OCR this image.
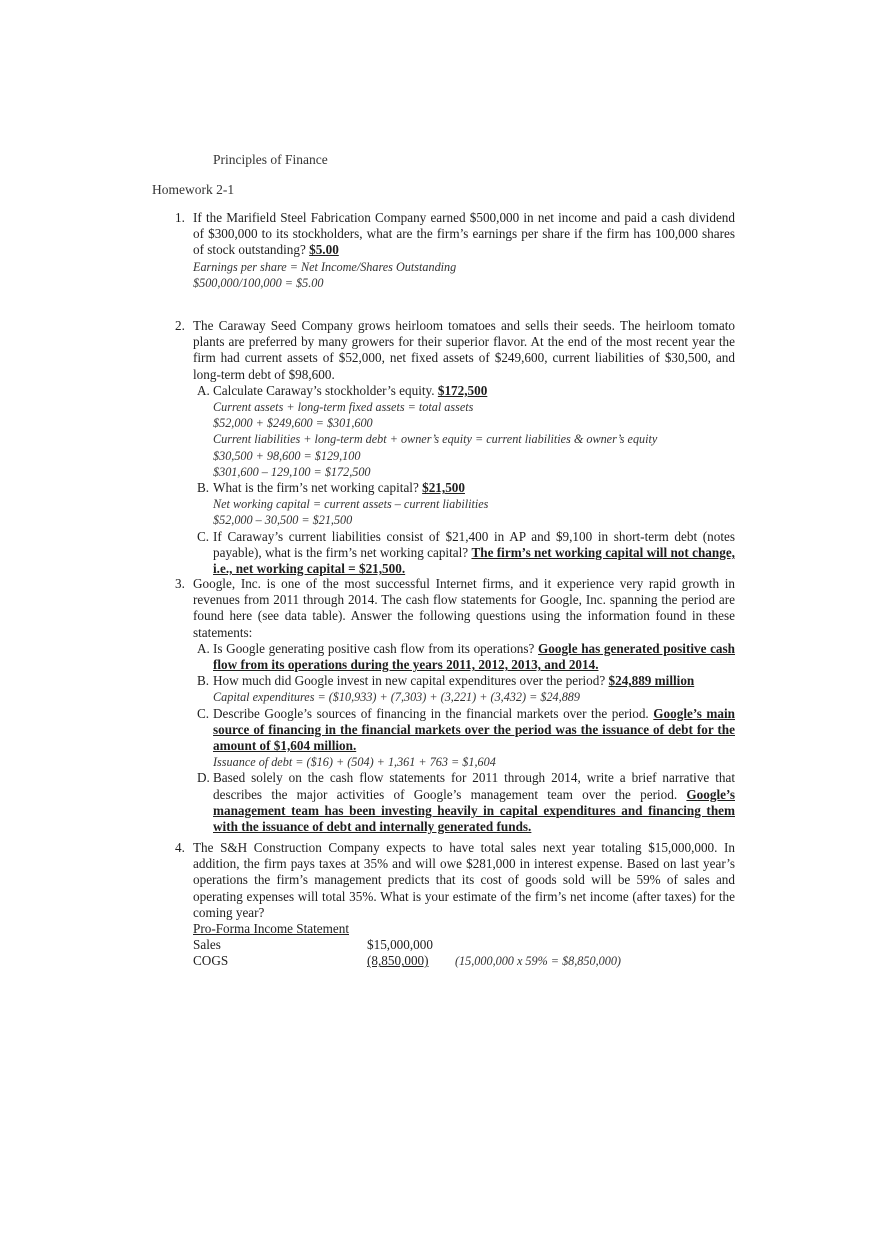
Principles of Finance
Homework 2-1
1. If the Marifield Steel Fabrication Company earned $500,000 in net income and paid a cash dividend of $300,000 to its stockholders, what are the firm’s earnings per share if the firm has 100,000 shares of stock outstanding? $5.00
Earnings per share = Net Income/Shares Outstanding
$500,000/100,000 = $5.00
2. The Caraway Seed Company grows heirloom tomatoes and sells their seeds. The heirloom tomato plants are preferred by many growers for their superior flavor. At the end of the most recent year the firm had current assets of $52,000, net fixed assets of $249,600, current liabilities of $30,500, and long-term debt of $98,600.
A. Calculate Caraway’s stockholder’s equity. $172,500
Current assets + long-term fixed assets = total assets
$52,000 + $249,600 = $301,600
Current liabilities + long-term debt + owner’s equity = current liabilities & owner’s equity
$30,500 + 98,600 = $129,100
$301,600 – 129,100 = $172,500
B. What is the firm’s net working capital? $21,500
Net working capital = current assets – current liabilities
$52,000 – 30,500 = $21,500
C. If Caraway’s current liabilities consist of $21,400 in AP and $9,100 in short-term debt (notes payable), what is the firm’s net working capital? The firm’s net working capital will not change, i.e., net working capital = $21,500.
3. Google, Inc. is one of the most successful Internet firms, and it experience very rapid growth in revenues from 2011 through 2014. The cash flow statements for Google, Inc. spanning the period are found here (see data table). Answer the following questions using the information found in these statements:
A. Is Google generating positive cash flow from its operations? Google has generated positive cash flow from its operations during the years 2011, 2012, 2013, and 2014.
B. How much did Google invest in new capital expenditures over the period? $24,889 million
Capital expenditures = ($10,933) + (7,303) + (3,221) + (3,432) = $24,889
C. Describe Google’s sources of financing in the financial markets over the period. Google’s main source of financing in the financial markets over the period was the issuance of debt for the amount of $1,604 million.
Issuance of debt = ($16) + (504) + 1,361 + 763 = $1,604
D. Based solely on the cash flow statements for 2011 through 2014, write a brief narrative that describes the major activities of Google’s management team over the period. Google’s management team has been investing heavily in capital expenditures and financing them with the issuance of debt and internally generated funds.
4. The S&H Construction Company expects to have total sales next year totaling $15,000,000. In addition, the firm pays taxes at 35% and will owe $281,000 in interest expense. Based on last year’s operations the firm’s management predicts that its cost of goods sold will be 59% of sales and operating expenses will total 35%. What is your estimate of the firm’s net income (after taxes) for the coming year?
Pro-Forma Income Statement
Sales	$15,000,000
COGS	(8,850,000)	(15,000,000 x 59% = $8,850,000)
